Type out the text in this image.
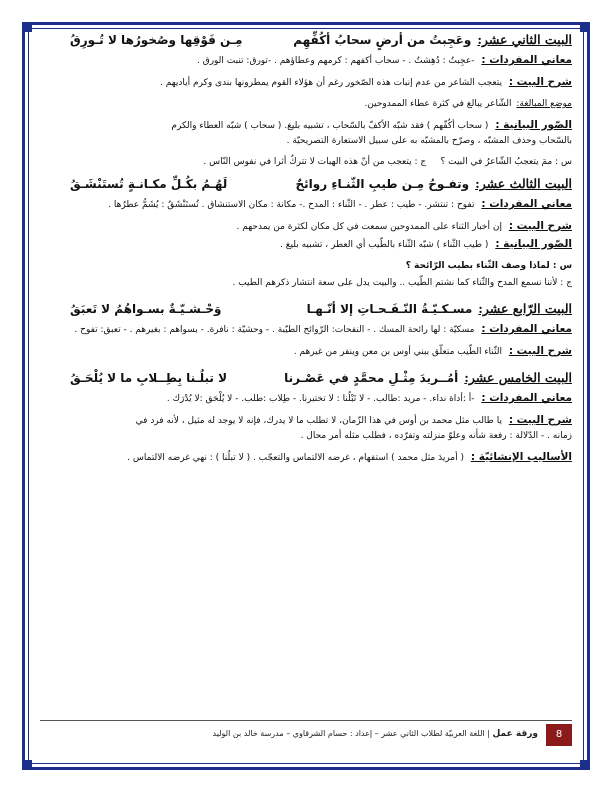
البيت الثاني عشر:
وعَجِبتُ من أرضٍ سحابُ أكُفِّهِم
مِـن فَوْقِها وصُخورُها لا تُـورِقُ

معاني المفردات : -عجِبتُ : دُهِشتُ . - سحاب أكفهم : كرمهم وعطاؤهم . -تورق: تنبت الورق .

شرح البيت : يتعجب الشاعر من عدم إنبات هذه الصّخور رغم أن هؤلاء القوم يمطرونها بندى وكرم أياديهم .

موضع المبالغة: الشّاعر يبالغ في كثرة عطاء الممدوحين.

الصّور البيانية : ( سحاب أكُفّهم ) فقد شبّه الأكفّ بالسّحاب ، تشبيه بليغ. ( سحاب ) شبّه العطاء والكرم
بالسّحاب وحذف المشبّه ، وصرّح بالمشبّه به على سبيل الاستعارة التصريحيّة .

س : ممَ يتعجبُ الشّاعرُ في البيت ؟     ج : يتعجب من أنّ هذه الهبات لا تتركُ أثرا في نفوس النّاس .

البيت الثالث عشر:
وتفـوحُ مِـن طيبِ الثّنـاءِ روائحٌ
لَهُـمُ بكُـلِّ مكـانـةٍ تُستَنْشَـقُ

معاني المفردات : تفوح : تنتشر. - طيب : عطر . - الثّناء : المدح .- مكانة : مكان الاستنشاق . تُستَنْشَقُ : يُشَمُّ عطرُها .

شرح البيت : إن أخبار الثناء على الممدوحين سمعت في كل مكان لكثرة من يمدحهم .

الصّور البيانية : ( طيب الثّناء ) شبّه الثّناء بالطّيب أي العطر ، تشبيه بليغ .

س : لماذا وصف الثّناء بطيب الرّائحة ؟

ج : لأننا نسمع المدح والثّناء كما نشتم الطّيب .. والبيت يدل على سعة انتشار ذكرهم الطيب .

البيت الرّابع عشر:
مسـكـيّـةُ النّـفَـحـاتِ إلا أنّـهـا
وَحْـشـيّـةٌ بسـواهُمُ لا تَعبَقُ

معاني المفردات : مسكيّة : لها رائحة المسك . - النفحات: الرّوائح الطيّبة . - وحشيّة : نافرة. - بسواهم : بغيرهم . - تعبق: تفوح .

شرح البيت : الثّناء الطّيب متعلّق ببني أوس بن معن وينفر من غيرهم .

البيت الخامس عشر:
أمُــريدَ مِثْـلِ محمَّدٍ في عَصْـرنا
لا تبلُـنا بِطِــلابِ ما لا يُلْحَـقُ

معاني المفردات : -أ :أداة نداء. - مريد :طالب. - لا تَبْلُنا : لا تختبرنا. - طِلاب :طلب. - لا يُلْحَق :لا يُدْرَك .

شرح البيت : يا طالب مثل محمد بن أوس في هذا الزّمان، لا تطلب ما لا يدرك، فإنه لا يوجد له مثيل ، لأنه فرد في
زمانه . - الدّلالة : رفعة شأنه وعلوّ منزلته وتفرّده ، فطلب مثله أمر محال .

الأساليب الإنشائيّة : ( أمريدَ مثل محمد ) استفهام ، غرضه الالتماس والتعجّب . ( لا تبلُنا ) : نهي غرضه الالتماس .

8
ورقة عمل | اللغة العربيّة لطلاب الثاني عشر – إعداد : حسام الشرقاوي – مدرسة خالد بن الوليد
